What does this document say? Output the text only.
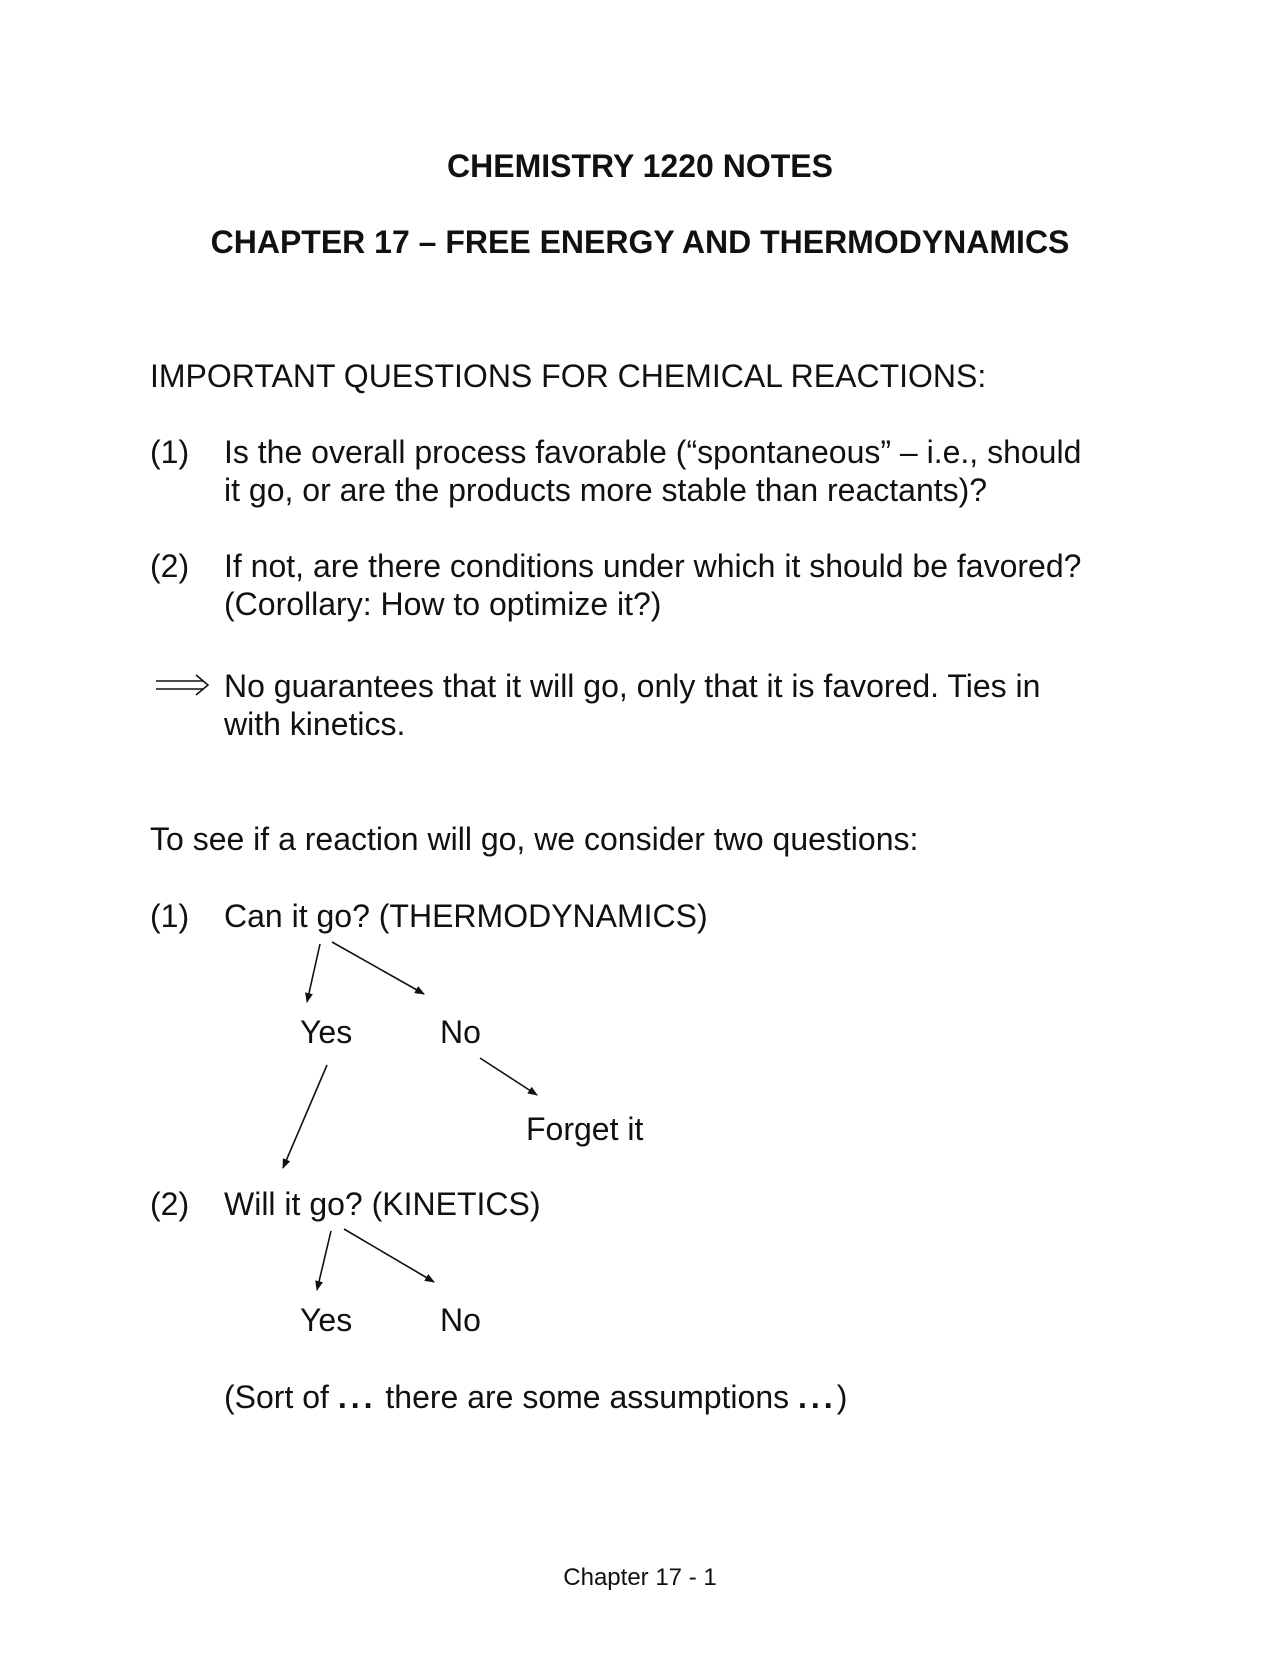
CHEMISTRY 1220 NOTES
CHAPTER 17 – FREE ENERGY AND THERMODYNAMICS
IMPORTANT QUESTIONS FOR CHEMICAL REACTIONS:
(1) Is the overall process favorable (“spontaneous” – i.e., should
it go, or are the products more stable than reactants)?
(2) If not, are there conditions under which it should be favored?
(Corollary: How to optimize it?)
No guarantees that it will go, only that it is favored. Ties in
with kinetics.
To see if a reaction will go, we consider two questions:
(1) Can it go? (THERMODYNAMICS)
Yes	No
Forget it
(2) Will it go? (KINETICS)
Yes	No
(Sort of ... there are some assumptions ...)
Chapter 17 - 1
